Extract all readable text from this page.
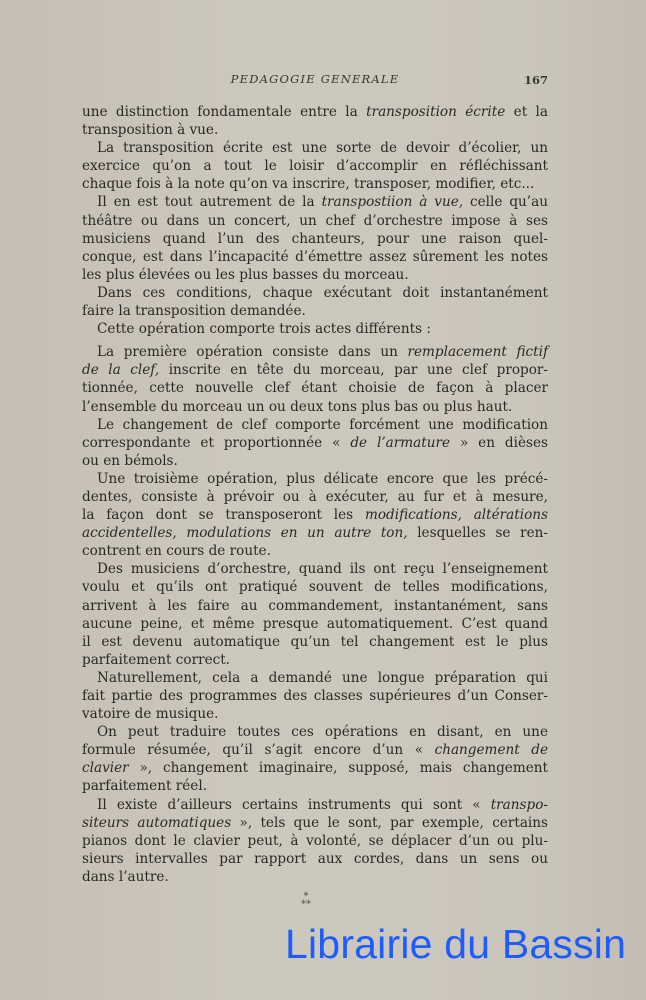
PEDAGOGIE GENERALE	167
une distinction fondamentale entre la transposition écrite et la
transposition à vue.
La transposition écrite est une sorte de devoir d’écolier, un
exercice qu’on a tout le loisir d’accomplir en réfléchissant
chaque fois à la note qu’on va inscrire, transposer, modifier, etc...
Il en est tout autrement de la transpostiion à vue, celle qu’au
théâtre ou dans un concert, un chef d’orchestre impose à ses
musiciens quand l’un des chanteurs, pour une raison quel-
conque, est dans l’incapacité d’émettre assez sûrement les notes
les plus élevées ou les plus basses du morceau.
Dans ces conditions, chaque exécutant doit instantanément
faire la transposition demandée.
Cette opération comporte trois actes différents :
La première opération consiste dans un remplacement fictif
de la clef, inscrite en tête du morceau, par une clef propor-
tionnée, cette nouvelle clef étant choisie de façon à placer
l’ensemble du morceau un ou deux tons plus bas ou plus haut.
Le changement de clef comporte forcément une modification
correspondante et proportionnée « de l’armature » en dièses
ou en bémols.
Une troisième opération, plus délicate encore que les précé-
dentes, consiste à prévoir ou à exécuter, au fur et à mesure,
la façon dont se transposeront les modifications, altérations
accidentelles, modulations en un autre ton, lesquelles se ren-
contrent en cours de route.
Des musiciens d’orchestre, quand ils ont reçu l’enseignement
voulu et qu’ils ont pratiqué souvent de telles modifications,
arrivent à les faire au commandement, instantanément, sans
aucune peine, et même presque automatiquement. C’est quand
il est devenu automatique qu’un tel changement est le plus
parfaitement correct.
Naturellement, cela a demandé une longue préparation qui
fait partie des programmes des classes supérieures d’un Conser-
vatoire de musique.
On peut traduire toutes ces opérations en disant, en une
formule résumée, qu’il s’agit encore d’un « changement de
clavier », changement imaginaire, supposé, mais changement
parfaitement réel.
Il existe d’ailleurs certains instruments qui sont « transpo-
siteurs automatiques », tels que le sont, par exemple, certains
pianos dont le clavier peut, à volonté, se déplacer d’un ou plu-
sieurs intervalles par rapport aux cordes, dans un sens ou
dans l’autre.
*
**
Librairie du Bassin
